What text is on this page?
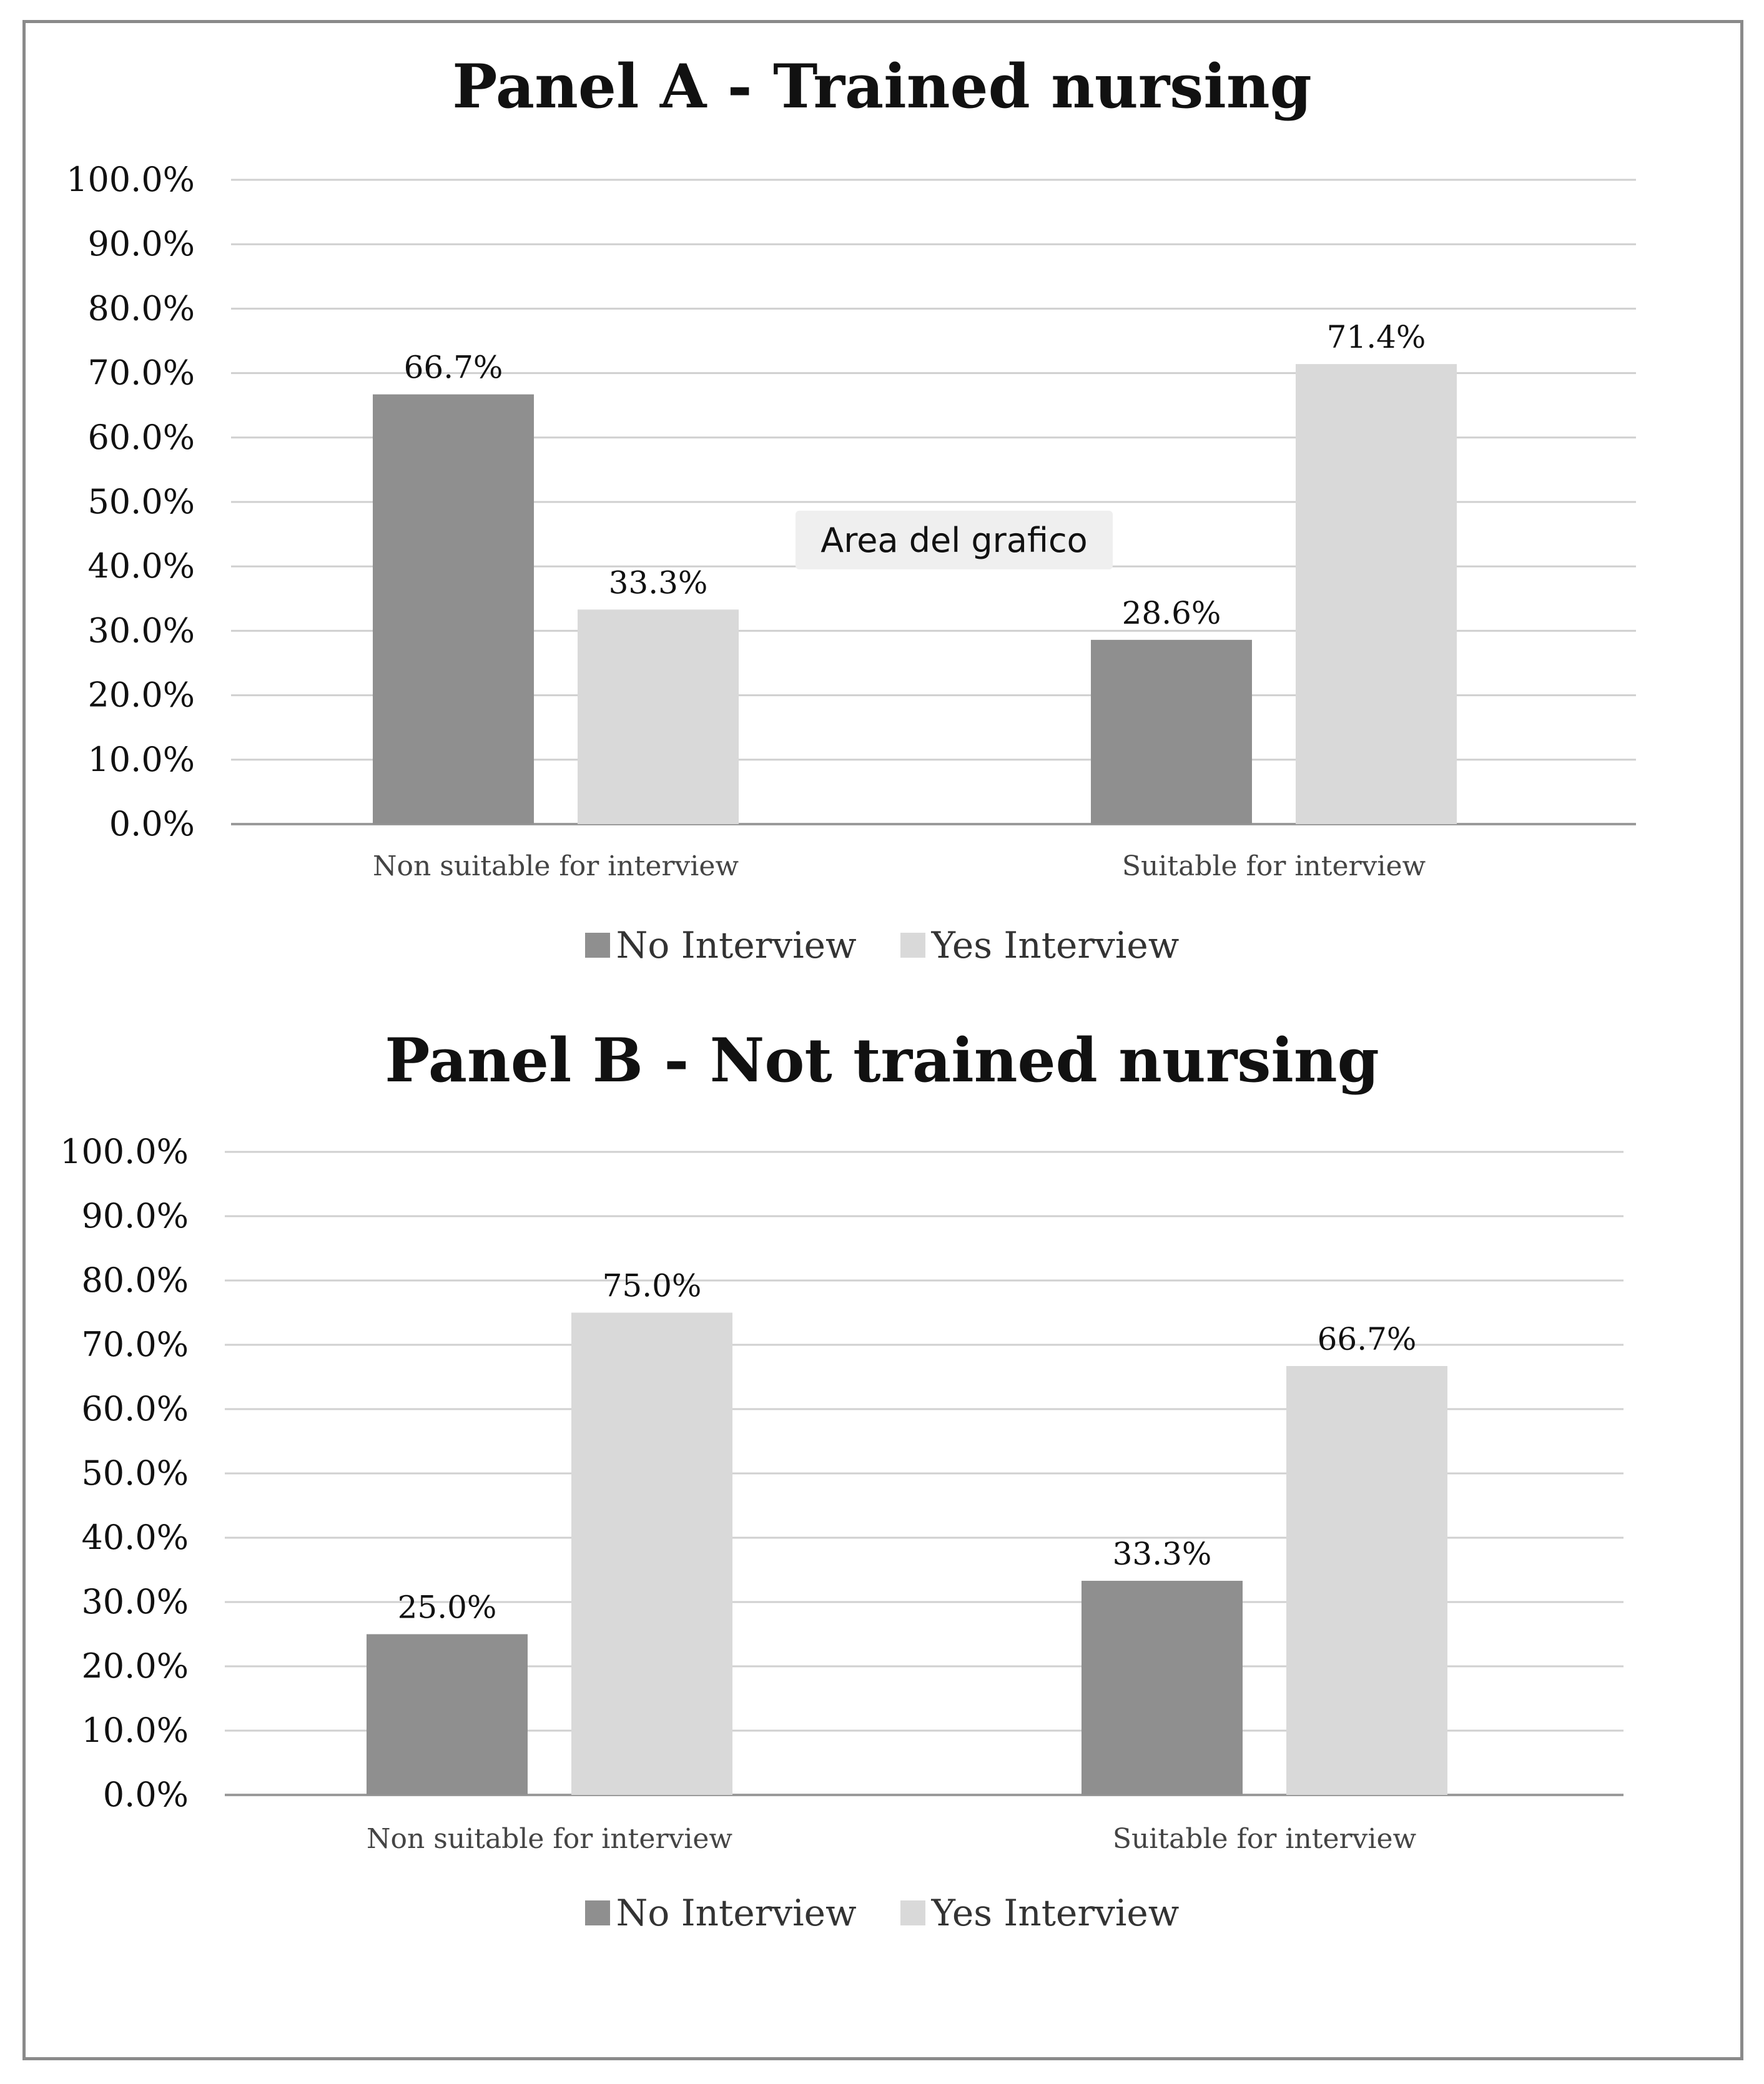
Panel A - Trained nursing
0.0%
10.0%
20.0%
30.0%
40.0%
50.0%
60.0%
70.0%
80.0%
90.0%
100.0%
66.7%
33.3%
Non suitable for interview
28.6%
71.4%
Suitable for interview
No Interview Yes Interview
Area del grafico
Panel B - Not trained nursing
0.0%
10.0%
20.0%
30.0%
40.0%
50.0%
60.0%
70.0%
80.0%
90.0%
100.0%
25.0%
75.0%
Non suitable for interview
33.3%
66.7%
Suitable for interview
No Interview Yes Interview
